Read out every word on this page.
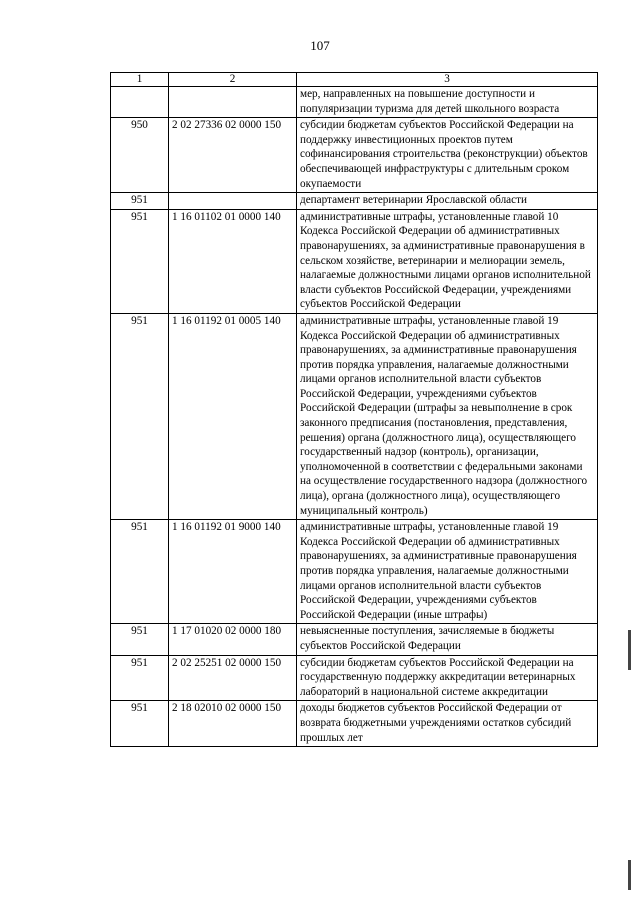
107
1	2	3
		мер, направленных на повышение доступности и популяризации туризма для детей школьного возраста
950	2 02 27336 02 0000 150	субсидии бюджетам субъектов Российской Федерации на поддержку инвестиционных проектов путем софинансирования строительства (реконструкции) объектов обеспечивающей инфраструктуры с длительным сроком окупаемости
951		департамент ветеринарии Ярославской области
951	1 16 01102 01 0000 140	административные штрафы, установленные главой 10 Кодекса Российской Федерации об административных правонарушениях, за административные правонарушения в сельском хозяйстве, ветеринарии и мелиорации земель, налагаемые должностными лицами органов исполнительной власти субъектов Российской Федерации, учреждениями субъектов Российской Федерации
951	1 16 01192 01 0005 140	административные штрафы, установленные главой 19 Кодекса Российской Федерации об административных правонарушениях, за административные правонарушения против порядка управления, налагаемые должностными лицами органов исполнительной власти субъектов Российской Федерации, учреждениями субъектов Российской Федерации (штрафы за невыполнение в срок законного предписания (постановления, представления, решения) органа (должностного лица), осуществляющего государственный надзор (контроль), организации, уполномоченной в соответствии с федеральными законами на осуществление государственного надзора (должностного лица), органа (должностного лица), осуществляющего муниципальный контроль)
951	1 16 01192 01 9000 140	административные штрафы, установленные главой 19 Кодекса Российской Федерации об административных правонарушениях, за административные правонарушения против порядка управления, налагаемые должностными лицами органов исполнительной власти субъектов Российской Федерации, учреждениями субъектов Российской Федерации (иные штрафы)
951	1 17 01020 02 0000 180	невыясненные поступления, зачисляемые в бюджеты субъектов Российской Федерации
951	2 02 25251 02 0000 150	субсидии бюджетам субъектов Российской Федерации на государственную поддержку аккредитации ветеринарных лабораторий в национальной системе аккредитации
951	2 18 02010 02 0000 150	доходы бюджетов субъектов Российской Федерации от возврата бюджетными учреждениями остатков субсидий прошлых лет
